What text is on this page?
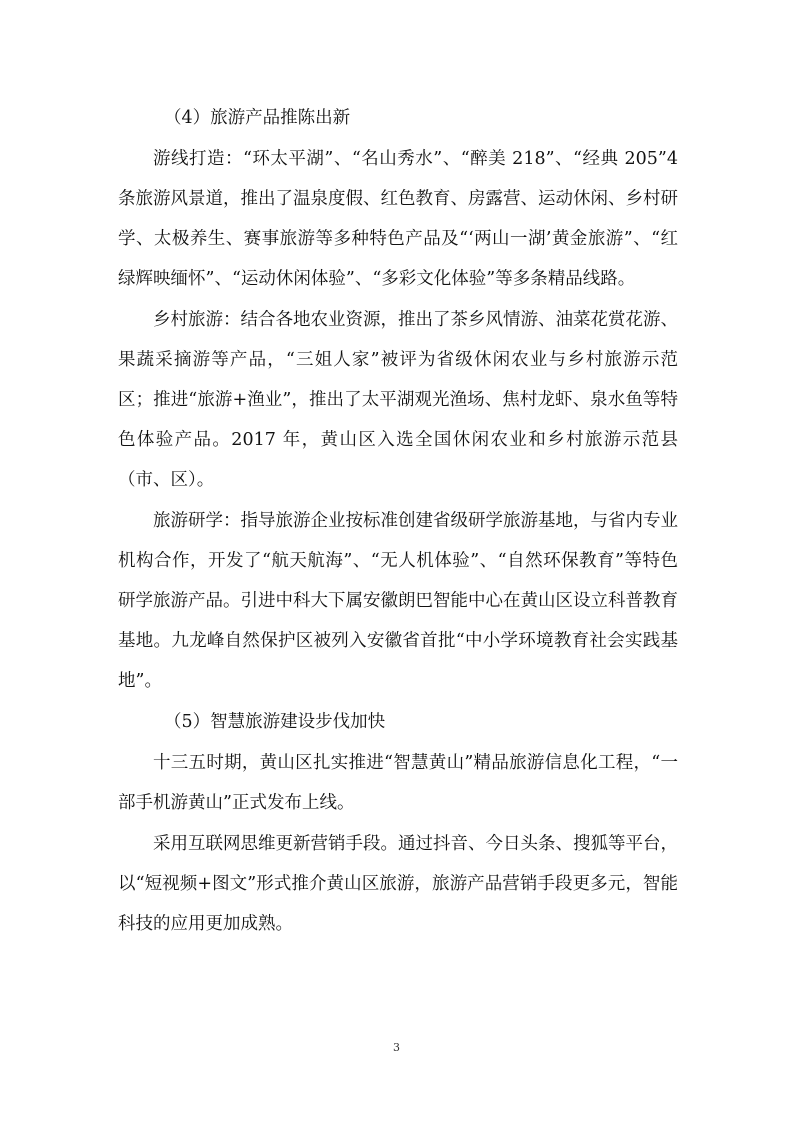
（4）旅游产品推陈出新

游线打造：“环太平湖”、“名山秀水”、“醉美 218”、“经典 205”4 条旅游风景道，推出了温泉度假、红色教育、房露营、运动休闲、乡村研学、太极养生、赛事旅游等多种特色产品及“‘两山一湖’黄金旅游”、“红绿辉映缅怀”、“运动休闲体验”、“多彩文化体验”等多条精品线路。

乡村旅游：结合各地农业资源，推出了茶乡风情游、油菜花赏花游、果蔬采摘游等产品，“三姐人家”被评为省级休闲农业与乡村旅游示范区；推进“旅游+渔业”，推出了太平湖观光渔场、焦村龙虾、泉水鱼等特色体验产品。2017 年，黄山区入选全国休闲农业和乡村旅游示范县（市、区）。

旅游研学：指导旅游企业按标准创建省级研学旅游基地，与省内专业机构合作，开发了“航天航海”、“无人机体验”、“自然环保教育”等特色研学旅游产品。引进中科大下属安徽朗巴智能中心在黄山区设立科普教育基地。九龙峰自然保护区被列入安徽省首批“中小学环境教育社会实践基地”。

（5）智慧旅游建设步伐加快

十三五时期，黄山区扎实推进“智慧黄山”精品旅游信息化工程，“一部手机游黄山”正式发布上线。

采用互联网思维更新营销手段。通过抖音、今日头条、搜狐等平台，以“短视频+图文”形式推介黄山区旅游，旅游产品营销手段更多元，智能科技的应用更加成熟。

3
